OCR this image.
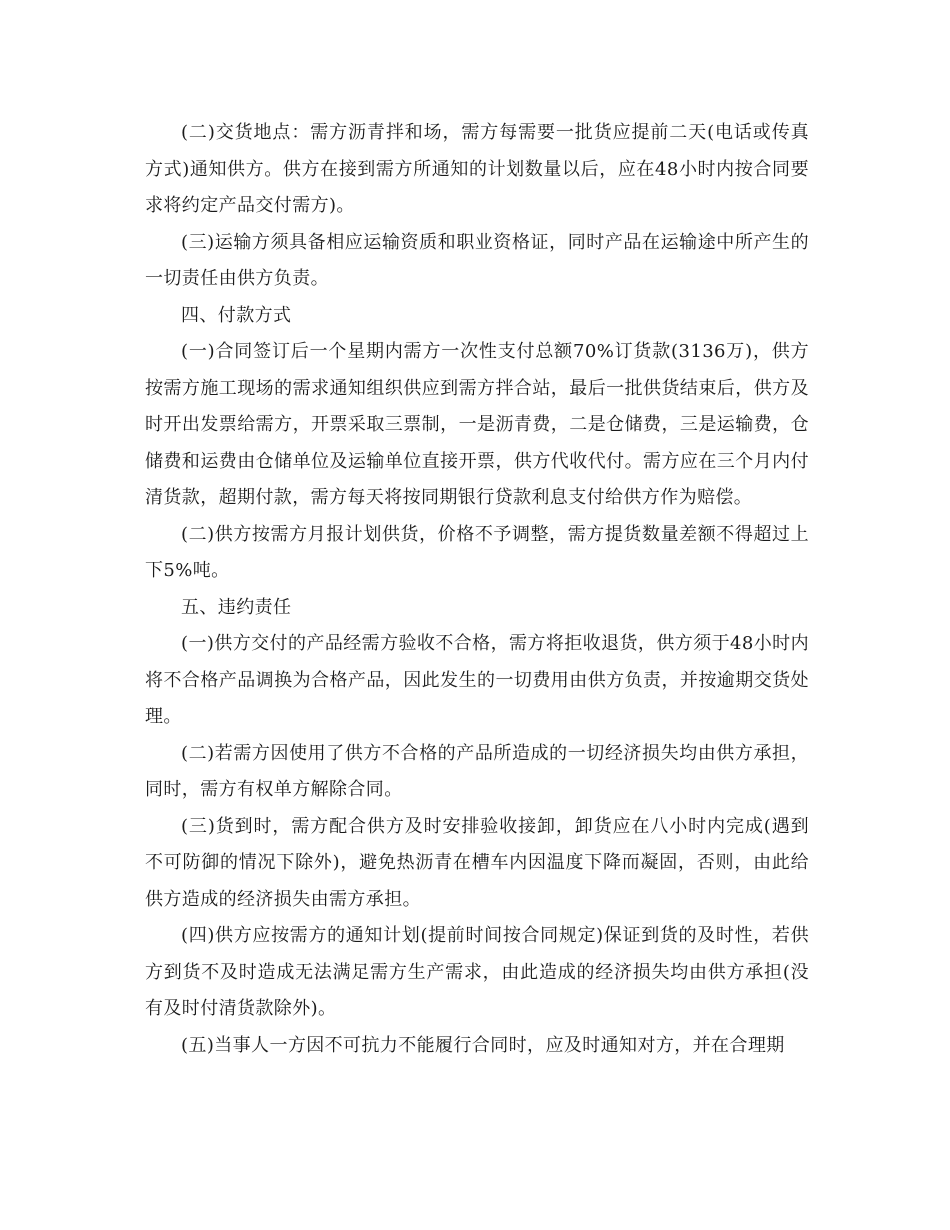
(二)交货地点：需方沥青拌和场，需方每需要一批货应提前二天(电话或传真方式)通知供方。供方在接到需方所通知的计划数量以后，应在48小时内按合同要求将约定产品交付需方)。

(三)运输方须具备相应运输资质和职业资格证，同时产品在运输途中所产生的一切责任由供方负责。

四、付款方式

(一)合同签订后一个星期内需方一次性支付总额70%订货款(3136万)，供方按需方施工现场的需求通知组织供应到需方拌合站，最后一批供货结束后，供方及时开出发票给需方，开票采取三票制，一是沥青费，二是仓储费，三是运输费，仓储费和运费由仓储单位及运输单位直接开票，供方代收代付。需方应在三个月内付清货款，超期付款，需方每天将按同期银行贷款利息支付给供方作为赔偿。

(二)供方按需方月报计划供货，价格不予调整，需方提货数量差额不得超过上下5%吨。

五、违约责任

(一)供方交付的产品经需方验收不合格，需方将拒收退货，供方须于48小时内将不合格产品调换为合格产品，因此发生的一切费用由供方负责，并按逾期交货处理。

(二)若需方因使用了供方不合格的产品所造成的一切经济损失均由供方承担，同时，需方有权单方解除合同。

(三)货到时，需方配合供方及时安排验收接卸，卸货应在八小时内完成(遇到不可防御的情况下除外)，避免热沥青在槽车内因温度下降而凝固，否则，由此给供方造成的经济损失由需方承担。

(四)供方应按需方的通知计划(提前时间按合同规定)保证到货的及时性，若供方到货不及时造成无法满足需方生产需求，由此造成的经济损失均由供方承担(没有及时付清货款除外)。

(五)当事人一方因不可抗力不能履行合同时，应及时通知对方，并在合理期
